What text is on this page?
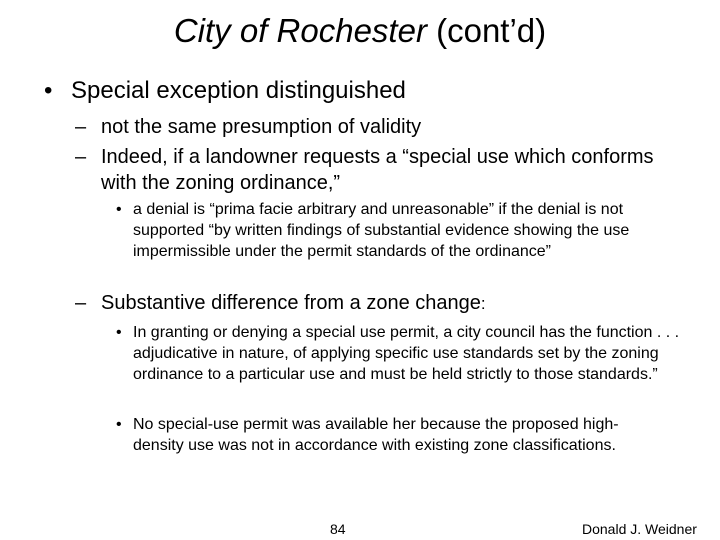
City of Rochester (cont’d)
• Special exception distinguished
– not the same presumption of validity
– Indeed, if a landowner requests a “special use which conforms with the zoning ordinance,”
• a denial is “prima facie arbitrary and unreasonable” if the denial is not supported “by written findings of substantial evidence showing the use impermissible under the permit standards of the ordinance”
– Substantive difference from a zone change:
• In granting or denying a special use permit, a city council has the function . . . adjudicative in nature, of applying specific use standards set by the zoning ordinance to a particular use and must be held strictly to those standards.”
• No special-use permit was available her because the proposed high-density use was not in accordance with existing zone classifications.
84	Donald J. Weidner
